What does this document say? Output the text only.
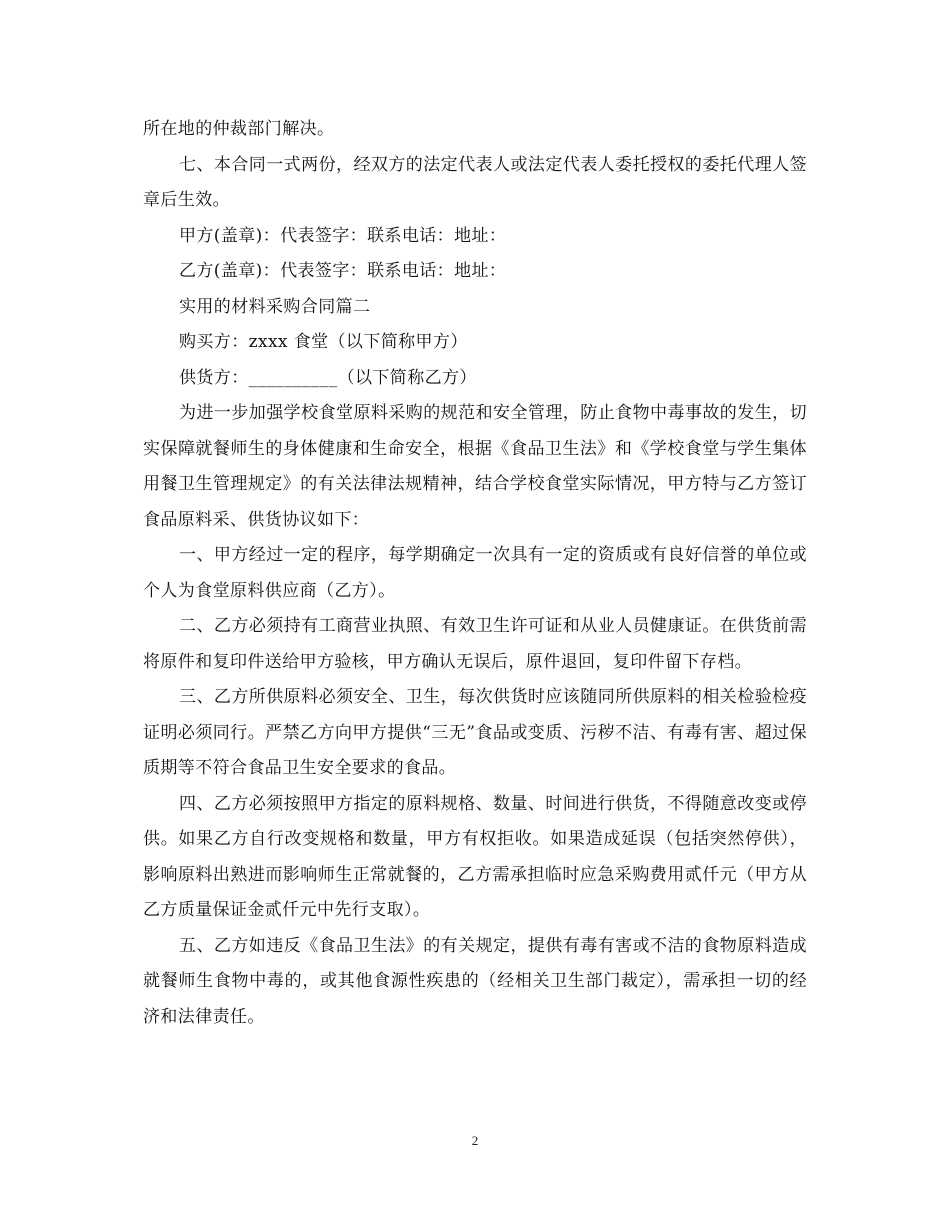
所在地的仲裁部门解决。

七、本合同一式两份，经双方的法定代表人或法定代表人委托授权的委托代理人签章后生效。

甲方(盖章)：代表签字：联系电话：地址：

乙方(盖章)：代表签字：联系电话：地址：

实用的材料采购合同篇二

购买方：zxxx 食堂（以下简称甲方）

供货方：__________（以下简称乙方）

为进一步加强学校食堂原料采购的规范和安全管理，防止食物中毒事故的发生，切实保障就餐师生的身体健康和生命安全，根据《食品卫生法》和《学校食堂与学生集体用餐卫生管理规定》的有关法律法规精神，结合学校食堂实际情况，甲方特与乙方签订食品原料采、供货协议如下：

一、甲方经过一定的程序，每学期确定一次具有一定的资质或有良好信誉的单位或个人为食堂原料供应商（乙方）。

二、乙方必须持有工商营业执照、有效卫生许可证和从业人员健康证。在供货前需将原件和复印件送给甲方验核，甲方确认无误后，原件退回，复印件留下存档。

三、乙方所供原料必须安全、卫生，每次供货时应该随同所供原料的相关检验检疫证明必须同行。严禁乙方向甲方提供“三无”食品或变质、污秽不洁、有毒有害、超过保质期等不符合食品卫生安全要求的食品。

四、乙方必须按照甲方指定的原料规格、数量、时间进行供货，不得随意改变或停供。如果乙方自行改变规格和数量，甲方有权拒收。如果造成延误（包括突然停供），影响原料出熟进而影响师生正常就餐的，乙方需承担临时应急采购费用贰仟元（甲方从乙方质量保证金贰仟元中先行支取）。

五、乙方如违反《食品卫生法》的有关规定，提供有毒有害或不洁的食物原料造成就餐师生食物中毒的，或其他食源性疾患的（经相关卫生部门裁定），需承担一切的经济和法律责任。

2
